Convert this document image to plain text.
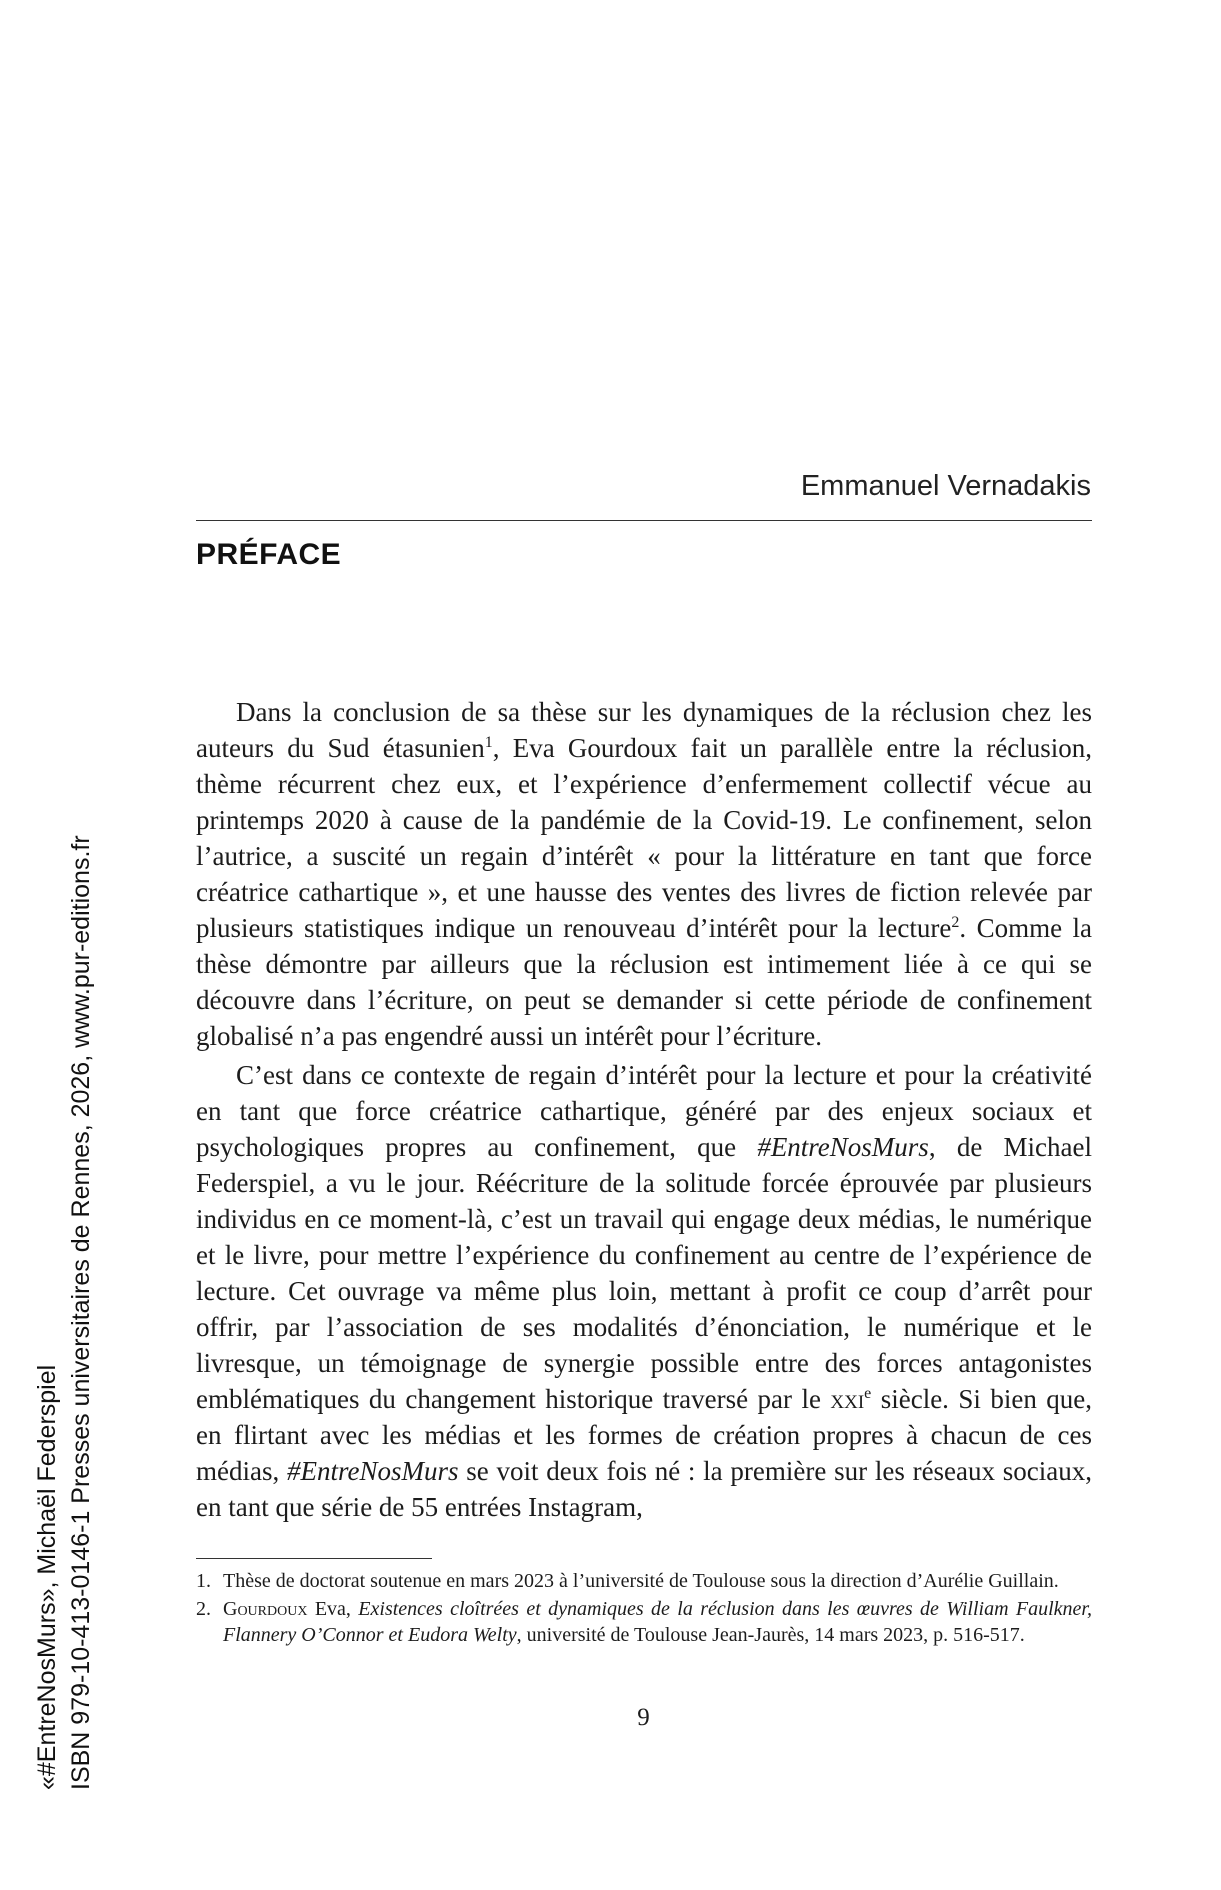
«#EntreNosMurs», Michaël Federspiel ISBN 979-10-413-0146-1 Presses universitaires de Rennes, 2026, www.pur-editions.fr
Emmanuel Vernadakis
PRÉFACE

Dans la conclusion de sa thèse sur les dynamiques de la réclusion chez les auteurs du Sud étasunien$^1$, Eva Gourdoux fait un parallèle entre la réclusion, thème récurrent chez eux, et l’expérience d’enfermement collectif vécue au printemps 2020 à cause de la pandémie de la Covid-19. Le confinement, selon l’autrice, a suscité un regain d’intérêt « pour la littérature en tant que force créatrice cathartique », et une hausse des ventes des livres de fiction relevée par plusieurs statistiques indique un renouveau d’intérêt pour la lecture$^2$. Comme la thèse démontre par ailleurs que la réclusion est intimement liée à ce qui se découvre dans l’écriture, on peut se demander si cette période de confinement globalisé n’a pas engendré aussi un intérêt pour l’écriture.

C’est dans ce contexte de regain d’intérêt pour la lecture et pour la créativité en tant que force créatrice cathartique, généré par des enjeux sociaux et psychologiques propres au confinement, que #EntreNosMurs, de Michael Federspiel, a vu le jour. Réécriture de la solitude forcée éprouvée par plusieurs individus en ce moment-là, c’est un travail qui engage deux médias, le numérique et le livre, pour mettre l’expérience du confinement au centre de l’expérience de lecture. Cet ouvrage va même plus loin, mettant à profit ce coup d’arrêt pour offrir, par l’association de ses modalités d’énonciation, le numérique et le livresque, un témoignage de synergie possible entre des forces antagonistes emblématiques du changement historique traversé par le xxi$^e$ siècle. Si bien que, en flirtant avec les médias et les formes de création propres à chacun de ces médias, #EntreNosMurs se voit deux fois né : la première sur les réseaux sociaux, en tant que série de 55 entrées Instagram,

1. Thèse de doctorat soutenue en mars 2023 à l’université de Toulouse sous la direction d’Aurélie Guillain.
2. Gourdoux Eva, Existences cloîtrées et dynamiques de la réclusion dans les œuvres de William Faulkner, Flannery O’Connor et Eudora Welty, université de Toulouse Jean-Jaurès, 14 mars 2023, p. 516-517.
9
